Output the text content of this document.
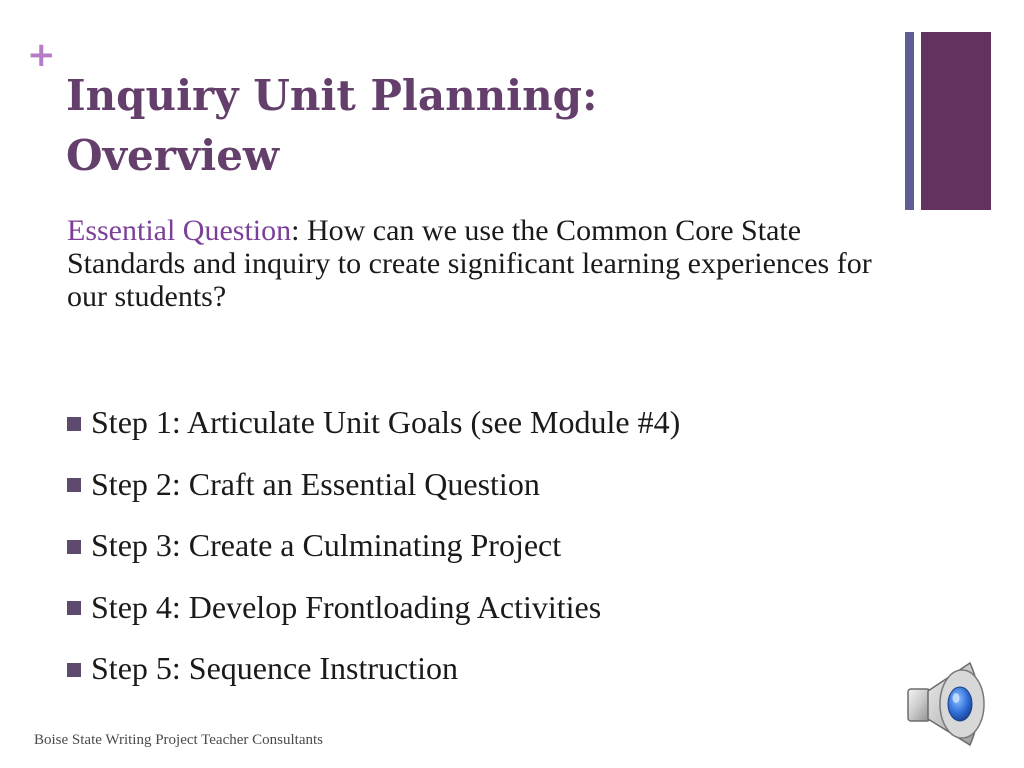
+
Inquiry Unit Planning:
Overview

Essential Question: How can we use the Common Core State Standards and inquiry to create significant learning experiences for our students?

Step 1: Articulate Unit Goals (see Module #4)
Step 2: Craft an Essential Question
Step 3: Create a Culminating Project
Step 4: Develop Frontloading Activities
Step 5: Sequence Instruction
Boise State Writing Project Teacher Consultants
